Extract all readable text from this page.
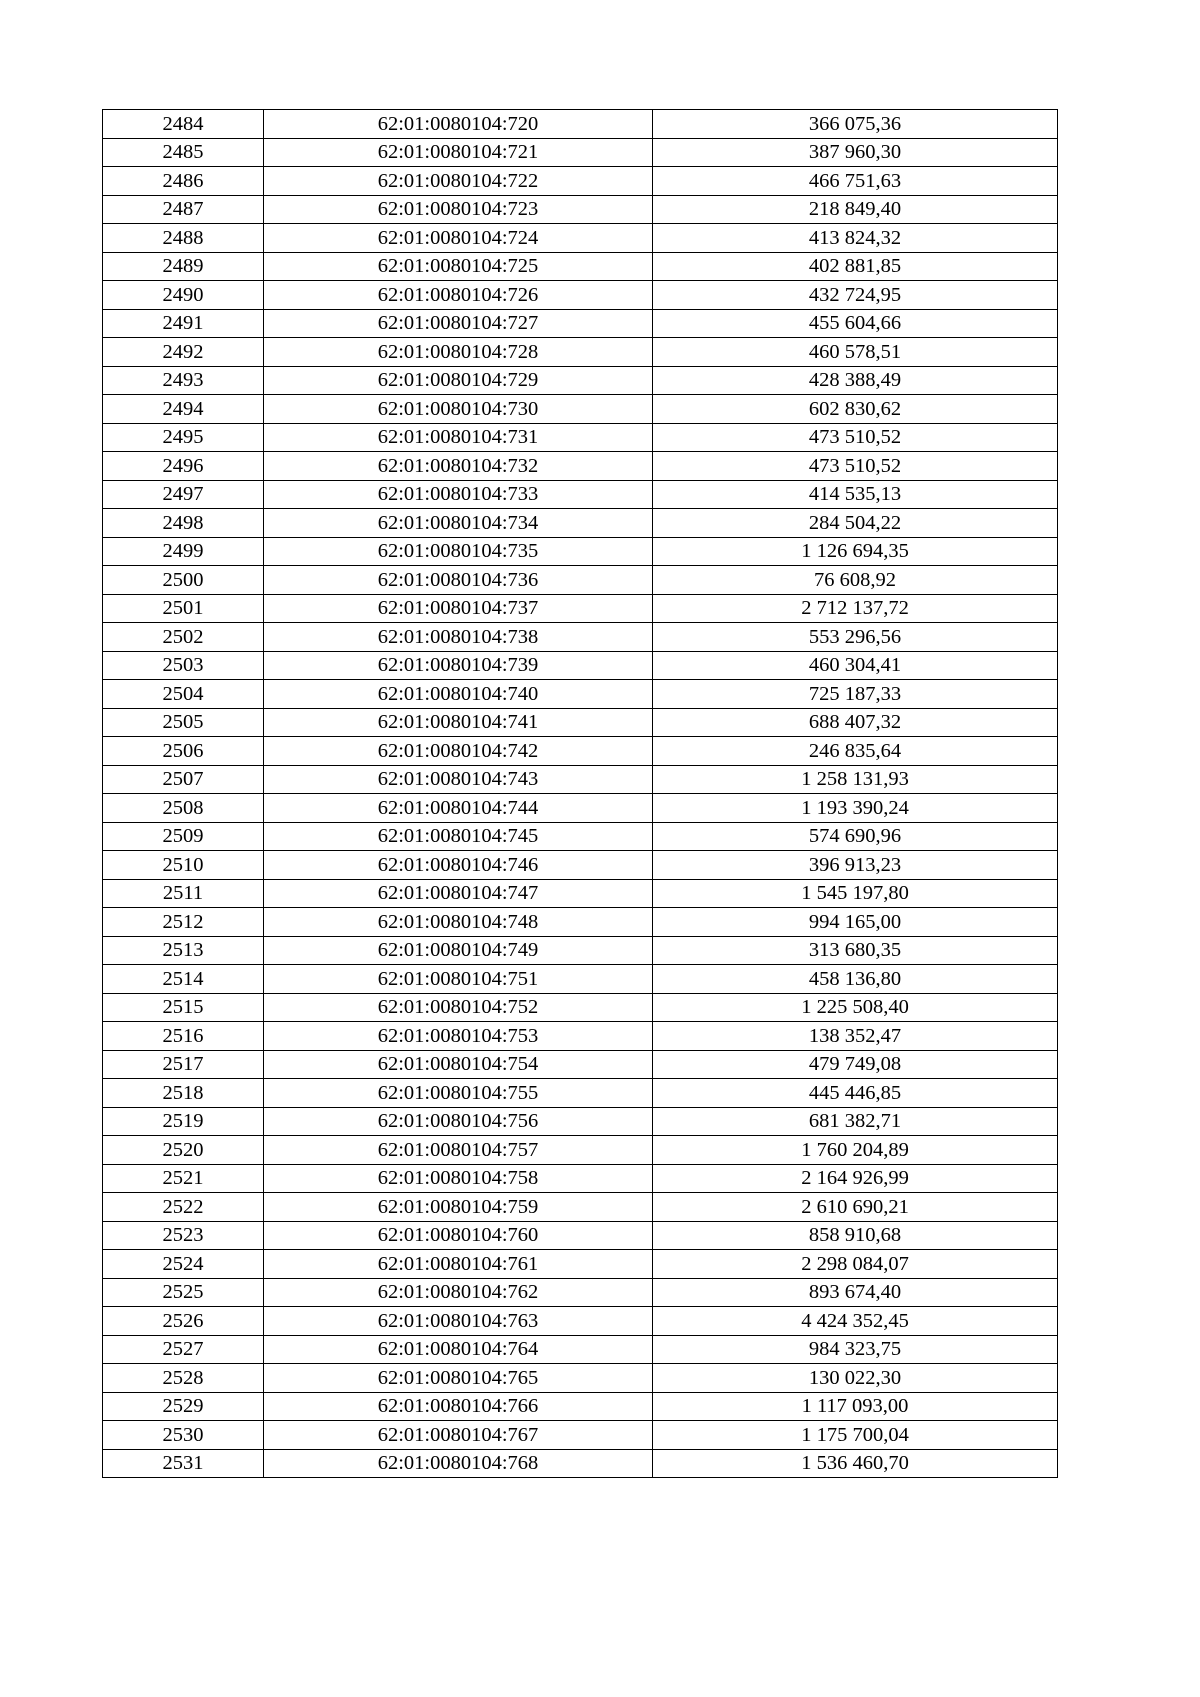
2484	62:01:0080104:720	366 075,36
2485	62:01:0080104:721	387 960,30
2486	62:01:0080104:722	466 751,63
2487	62:01:0080104:723	218 849,40
2488	62:01:0080104:724	413 824,32
2489	62:01:0080104:725	402 881,85
2490	62:01:0080104:726	432 724,95
2491	62:01:0080104:727	455 604,66
2492	62:01:0080104:728	460 578,51
2493	62:01:0080104:729	428 388,49
2494	62:01:0080104:730	602 830,62
2495	62:01:0080104:731	473 510,52
2496	62:01:0080104:732	473 510,52
2497	62:01:0080104:733	414 535,13
2498	62:01:0080104:734	284 504,22
2499	62:01:0080104:735	1 126 694,35
2500	62:01:0080104:736	76 608,92
2501	62:01:0080104:737	2 712 137,72
2502	62:01:0080104:738	553 296,56
2503	62:01:0080104:739	460 304,41
2504	62:01:0080104:740	725 187,33
2505	62:01:0080104:741	688 407,32
2506	62:01:0080104:742	246 835,64
2507	62:01:0080104:743	1 258 131,93
2508	62:01:0080104:744	1 193 390,24
2509	62:01:0080104:745	574 690,96
2510	62:01:0080104:746	396 913,23
2511	62:01:0080104:747	1 545 197,80
2512	62:01:0080104:748	994 165,00
2513	62:01:0080104:749	313 680,35
2514	62:01:0080104:751	458 136,80
2515	62:01:0080104:752	1 225 508,40
2516	62:01:0080104:753	138 352,47
2517	62:01:0080104:754	479 749,08
2518	62:01:0080104:755	445 446,85
2519	62:01:0080104:756	681 382,71
2520	62:01:0080104:757	1 760 204,89
2521	62:01:0080104:758	2 164 926,99
2522	62:01:0080104:759	2 610 690,21
2523	62:01:0080104:760	858 910,68
2524	62:01:0080104:761	2 298 084,07
2525	62:01:0080104:762	893 674,40
2526	62:01:0080104:763	4 424 352,45
2527	62:01:0080104:764	984 323,75
2528	62:01:0080104:765	130 022,30
2529	62:01:0080104:766	1 117 093,00
2530	62:01:0080104:767	1 175 700,04
2531	62:01:0080104:768	1 536 460,70
